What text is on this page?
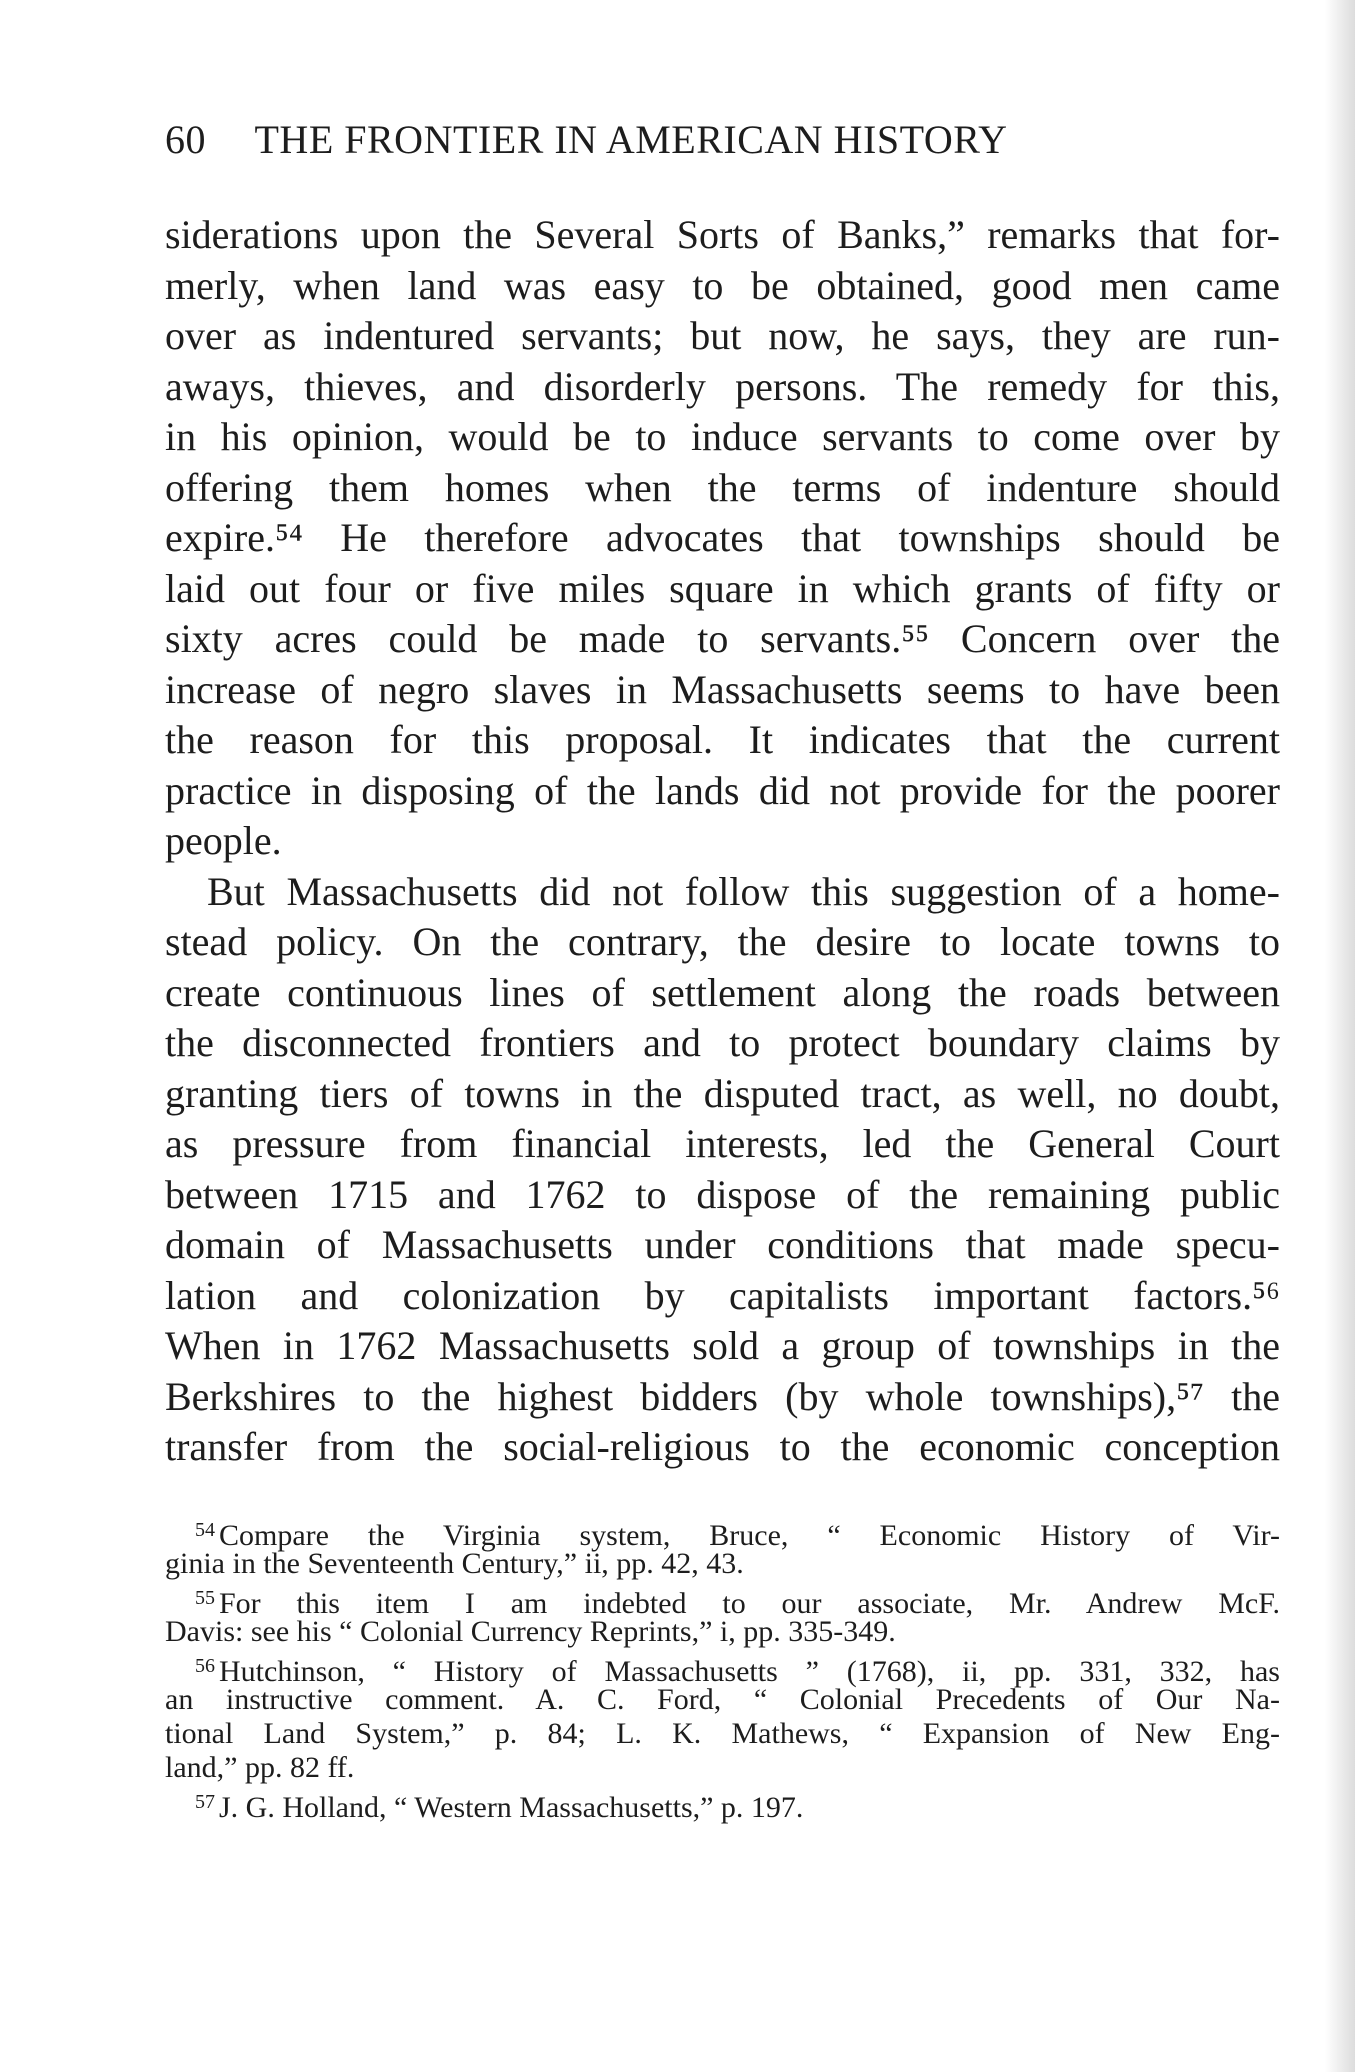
60 THE FRONTIER IN AMERICAN HISTORY
siderations upon the Several Sorts of Banks,” remarks that for-
merly, when land was easy to be obtained, good men came
over as indentured servants; but now, he says, they are run-
aways, thieves, and disorderly persons. The remedy for this,
in his opinion, would be to induce servants to come over by
offering them homes when the terms of indenture should
expire.⁵⁴ He therefore advocates that townships should be
laid out four or five miles square in which grants of fifty or
sixty acres could be made to servants.⁵⁵ Concern over the
increase of negro slaves in Massachusetts seems to have been
the reason for this proposal. It indicates that the current
practice in disposing of the lands did not provide for the poorer
people.
But Massachusetts did not follow this suggestion of a home-
stead policy. On the contrary, the desire to locate towns to
create continuous lines of settlement along the roads between
the disconnected frontiers and to protect boundary claims by
granting tiers of towns in the disputed tract, as well, no doubt,
as pressure from financial interests, led the General Court
between 1715 and 1762 to dispose of the remaining public
domain of Massachusetts under conditions that made specu-
lation and colonization by capitalists important factors.⁵⁶
When in 1762 Massachusetts sold a group of townships in the
Berkshires to the highest bidders (by whole townships),⁵⁷ the
transfer from the social-religious to the economic conception
$^{54}$ Compare the Virginia system, Bruce, “ Economic History of Vir-
ginia in the Seventeenth Century,” ii, pp. 42, 43.
$^{55}$ For this item I am indebted to our associate, Mr. Andrew McF.
Davis: see his “ Colonial Currency Reprints,” i, pp. 335-349.
$^{56}$ Hutchinson, “ History of Massachusetts ” (1768), ii, pp. 331, 332, has
an instructive comment. A. C. Ford, “ Colonial Precedents of Our Na-
tional Land System,” p. 84; L. K. Mathews, “ Expansion of New Eng-
land,” pp. 82 ff.
$^{57}$ J. G. Holland, “ Western Massachusetts,” p. 197.
